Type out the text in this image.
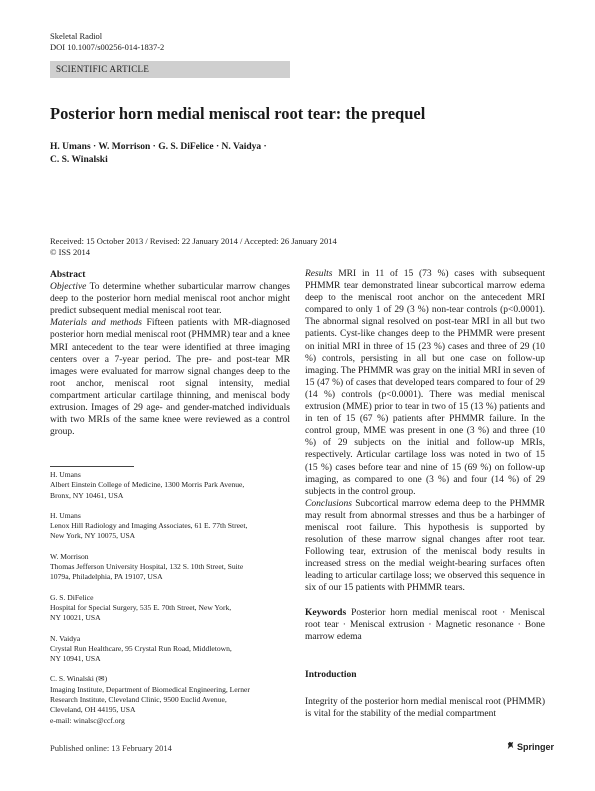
Skeletal Radiol
DOI 10.1007/s00256-014-1837-2
SCIENTIFIC ARTICLE
Posterior horn medial meniscal root tear: the prequel
H. Umans · W. Morrison · G. S. DiFelice · N. Vaidya ·
C. S. Winalski
Received: 15 October 2013 / Revised: 22 January 2014 / Accepted: 26 January 2014
© ISS 2014
Abstract

Objective To determine whether subarticular marrow changes deep to the posterior horn medial meniscal root anchor might predict subsequent medial meniscal root tear.

Materials and methods Fifteen patients with MR-diagnosed posterior horn medial meniscal root (PHMMR) tear and a knee MRI antecedent to the tear were identified at three imaging centers over a 7-year period. The pre- and post-tear MR images were evaluated for marrow signal changes deep to the root anchor, meniscal root signal intensity, medial compartment articular cartilage thinning, and meniscal body extrusion. Images of 29 age- and gender-matched individuals with two MRIs of the same knee were reviewed as a control group.

H. Umans
Albert Einstein College of Medicine, 1300 Morris Park Avenue,
Bronx, NY 10461, USA
H. Umans
Lenox Hill Radiology and Imaging Associates, 61 E. 77th Street,
New York, NY 10075, USA
W. Morrison
Thomas Jefferson University Hospital, 132 S. 10th Street, Suite
1079a, Philadelphia, PA 19107, USA
G. S. DiFelice
Hospital for Special Surgery, 535 E. 70th Street, New York,
NY 10021, USA
N. Vaidya
Crystal Run Healthcare, 95 Crystal Run Road, Middletown,
NY 10941, USA
C. S. Winalski (✉)
Imaging Institute, Department of Biomedical Engineering, Lerner
Research Institute, Cleveland Clinic, 9500 Euclid Avenue,
Cleveland, OH 44195, USA
e-mail: winalsc@ccf.org

Results MRI in 11 of 15 (73 %) cases with subsequent PHMMR tear demonstrated linear subcortical marrow edema deep to the meniscal root anchor on the antecedent MRI compared to only 1 of 29 (3 %) non-tear controls (p<0.0001). The abnormal signal resolved on post-tear MRI in all but two patients. Cyst-like changes deep to the PHMMR were present on initial MRI in three of 15 (23 %) cases and three of 29 (10 %) controls, persisting in all but one case on follow-up imaging. The PHMMR was gray on the initial MRI in seven of 15 (47 %) of cases that developed tears compared to four of 29 (14 %) controls (p<0.0001). There was medial meniscal extrusion (MME) prior to tear in two of 15 (13 %) patients and in ten of 15 (67 %) patients after PHMMR failure. In the control group, MME was present in one (3 %) and three (10 %) of 29 subjects on the initial and follow-up MRIs, respectively. Articular cartilage loss was noted in two of 15 (15 %) cases before tear and nine of 15 (69 %) on follow-up imaging, as compared to one (3 %) and four (14 %) of 29 subjects in the control group.

Conclusions Subcortical marrow edema deep to the PHMMR may result from abnormal stresses and thus be a harbinger of meniscal root failure. This hypothesis is supported by resolution of these marrow signal changes after root tear. Following tear, extrusion of the meniscal body results in increased stress on the medial weight-bearing surfaces often leading to articular cartilage loss; we observed this sequence in six of our 15 patients with PHMMR tears.

Keywords Posterior horn medial meniscal root · Meniscal root tear · Meniscal extrusion · Magnetic resonance · Bone marrow edema

Introduction

Integrity of the posterior horn medial meniscal root (PHMMR) is vital for the stability of the medial compartment

Published online: 13 February 2014	Springer
